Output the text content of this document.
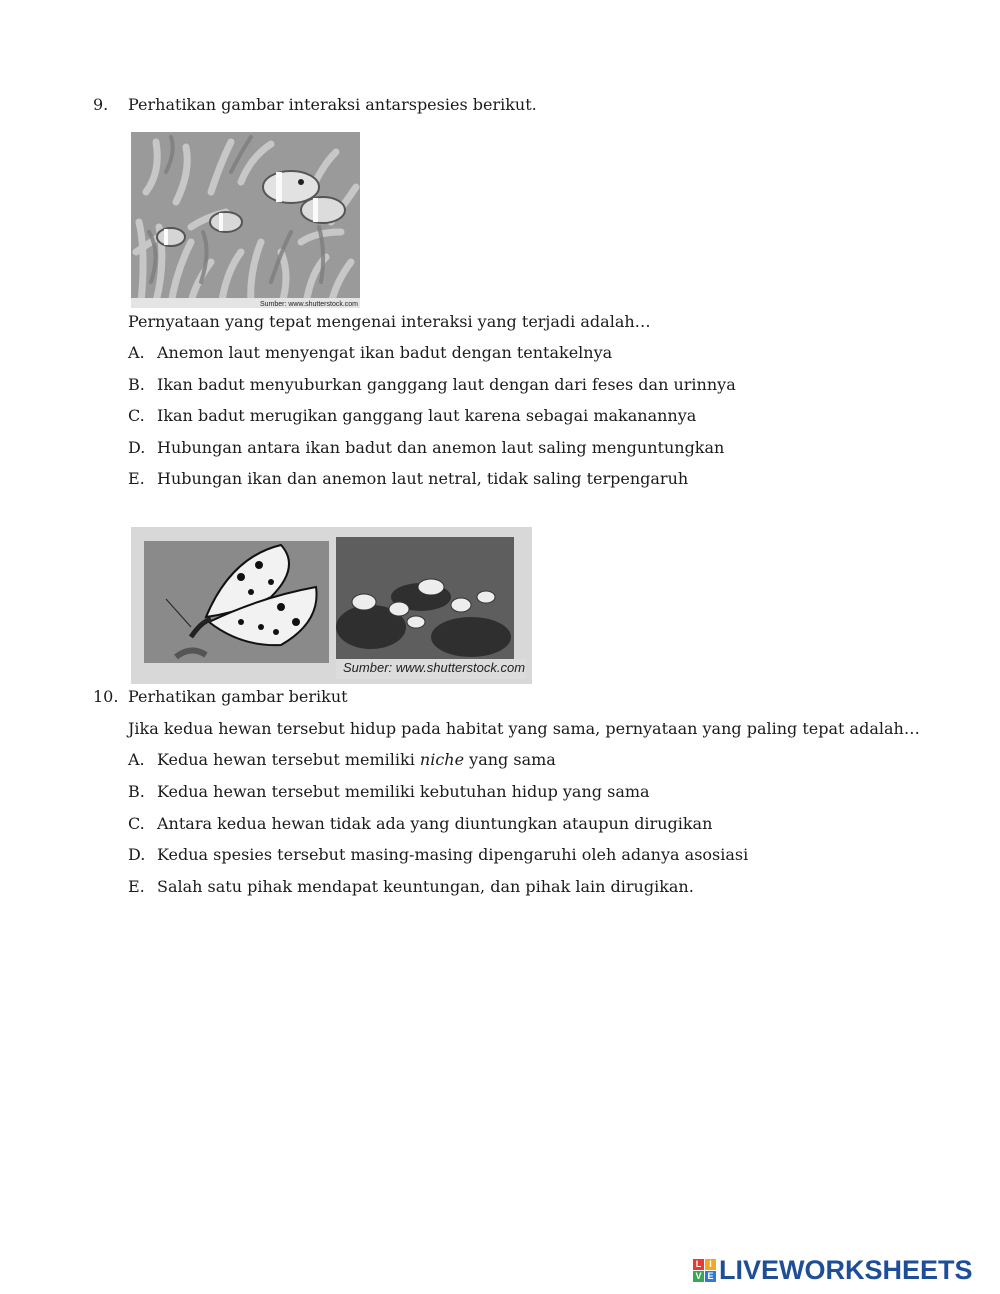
9. Perhatikan gambar interaksi antarspesies berikut.
Sumber: www.shutterstock.com
Pernyataan yang tepat mengenai interaksi yang terjadi adalah…
A. Anemon laut menyengat ikan badut dengan tentakelnya
B. Ikan badut menyuburkan ganggang laut dengan dari feses dan urinnya
C. Ikan badut merugikan ganggang laut karena sebagai makanannya
D. Hubungan antara ikan badut dan anemon laut saling menguntungkan
E. Hubungan ikan dan anemon laut netral, tidak saling terpengaruh
Sumber: www.shutterstock.com
10. Perhatikan gambar berikut
Jika kedua hewan tersebut hidup pada habitat yang sama, pernyataan yang paling tepat adalah…
A. Kedua hewan tersebut memiliki niche yang sama
B. Kedua hewan tersebut memiliki kebutuhan hidup yang sama
C. Antara kedua hewan tidak ada yang diuntungkan ataupun dirugikan
D. Kedua spesies tersebut masing-masing dipengaruhi oleh adanya asosiasi
E. Salah satu pihak mendapat keuntungan, dan pihak lain dirugikan.
L I
V E LIVEWORKSHEETS
